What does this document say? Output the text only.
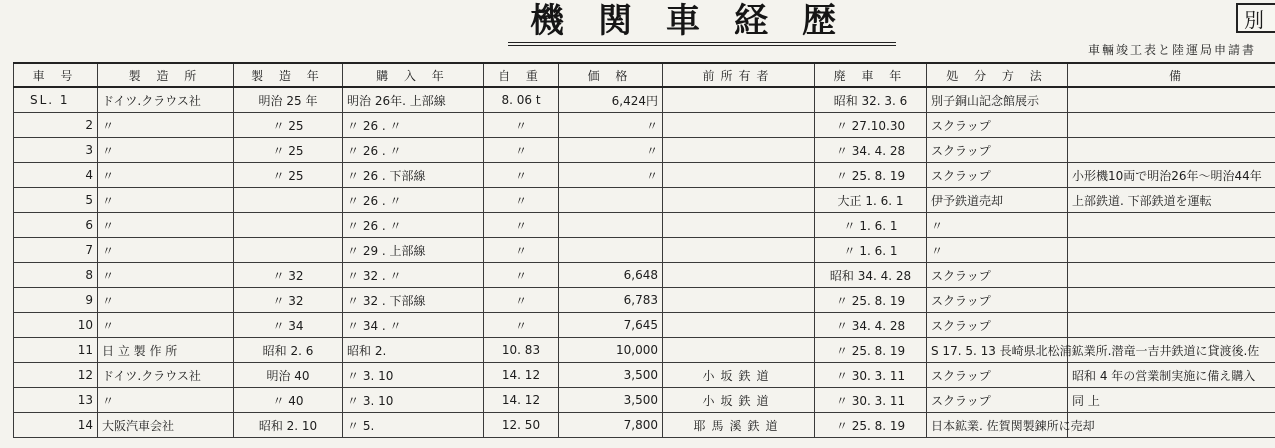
機関車経歴	別
車輛竣工表と陸運局申請書
車 号	製 造 所	製 造 年	購 入 年	自 重	価 格	前所有者	廃 車 年	処 分 方 法	備
SL. 1	ドイツ.クラウス社	明治 25 年	明治 26年. 上部線	8. 06 t	6,424円		昭和 32. 3. 6	別子銅山記念館展示	
2	〃	〃 25	〃 26 . 〃	〃	〃		〃 27.10.30	スクラップ	
3	〃	〃 25	〃 26 . 〃	〃	〃		〃 34. 4. 28	スクラップ	
4	〃	〃 25	〃 26 . 下部線	〃	〃		〃 25. 8. 19	スクラップ	小形機10両で明治26年～明治44年
5	〃		〃 26 . 〃	〃			大正 1. 6. 1	伊予鉄道売却	上部鉄道. 下部鉄道を運転
6	〃		〃 26 . 〃	〃			〃 1. 6. 1	〃	
7	〃		〃 29 . 上部線	〃			〃 1. 6. 1	〃	
8	〃	〃 32	〃 32 . 〃	〃	6,648		昭和 34. 4. 28	スクラップ	
9	〃	〃 32	〃 32 . 下部線	〃	6,783		〃 25. 8. 19	スクラップ	
10	〃	〃 34	〃 34 . 〃	〃	7,645		〃 34. 4. 28	スクラップ	
11	日 立 製 作 所	昭和 2. 6	昭和 2.	10. 83	10,000		〃 25. 8. 19	S 17. 5. 13 長崎県北松浦鉱業所.潜竜一吉井鉄道に貸渡後.佐	
12	ドイツ.クラウス社	明治 40	〃 3. 10	14. 12	3,500	小坂鉄道	〃 30. 3. 11	スクラップ	昭和 4 年の営業制実施に備え購入
13	〃	〃 40	〃 3. 10	14. 12	3,500	小坂鉄道	〃 30. 3. 11	スクラップ	同 上
14	大阪汽車会社	昭和 2. 10	〃 5.	12. 50	7,800	耶馬溪鉄道	〃 25. 8. 19	日本鉱業. 佐賀関製錬所に売却	
